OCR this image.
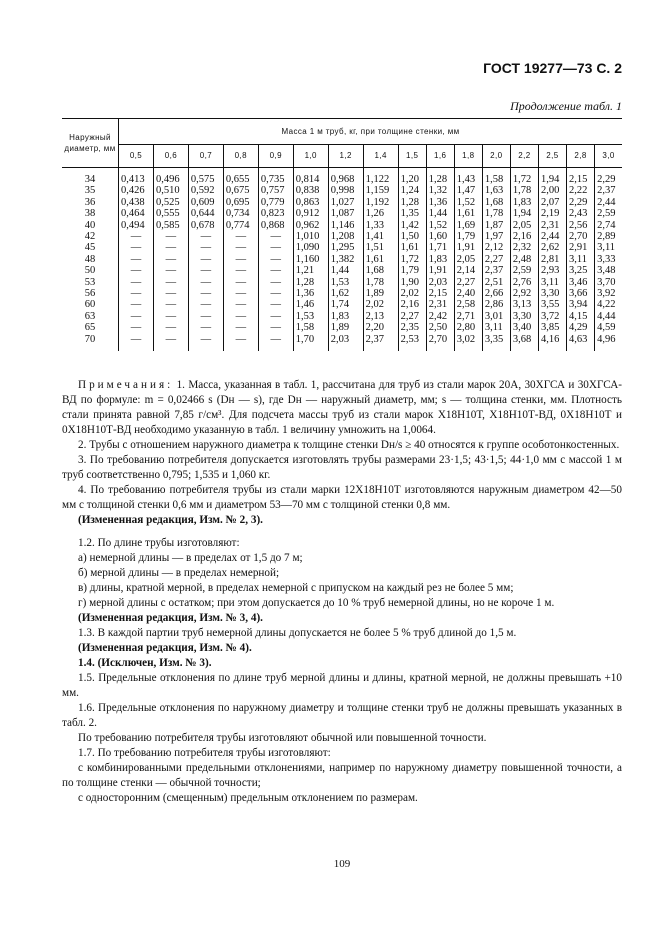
ГОСТ 19277—73 С. 2
Продолжение табл. 1
Наружный диаметр, мм	Масса 1 м труб, кг, при толщине стенки, мм															
	0,5	0,6	0,7	0,8	0,9	1,0	1,2	1,4	1,5	1,6	1,8	2,0	2,2	2,5	2,8	3,0
34	0,413	0,496	0,575	0,655	0,735	0,814	0,968	1,122	1,20	1,28	1,43	1,58	1,72	1,94	2,15	2,29
35	0,426	0,510	0,592	0,675	0,757	0,838	0,998	1,159	1,24	1,32	1,47	1,63	1,78	2,00	2,22	2,37
36	0,438	0,525	0,609	0,695	0,779	0,863	1,027	1,192	1,28	1,36	1,52	1,68	1,83	2,07	2,29	2,44
38	0,464	0,555	0,644	0,734	0,823	0,912	1,087	1,26	1,35	1,44	1,61	1,78	1,94	2,19	2,43	2,59
40	0,494	0,585	0,678	0,774	0,868	0,962	1,146	1,33	1,42	1,52	1,69	1,87	2,05	2,31	2,56	2,74
42	—	—	—	—	—	1,010	1,208	1,41	1,50	1,60	1,79	1,97	2,16	2,44	2,70	2,89
45	—	—	—	—	—	1,090	1,295	1,51	1,61	1,71	1,91	2,12	2,32	2,62	2,91	3,11
48	—	—	—	—	—	1,160	1,382	1,61	1,72	1,83	2,05	2,27	2,48	2,81	3,11	3,33
50	—	—	—	—	—	1,21	1,44	1,68	1,79	1,91	2,14	2,37	2,59	2,93	3,25	3,48
53	—	—	—	—	—	1,28	1,53	1,78	1,90	2,03	2,27	2,51	2,76	3,11	3,46	3,70
56	—	—	—	—	—	1,36	1,62	1,89	2,02	2,15	2,40	2,66	2,92	3,30	3,66	3,92
60	—	—	—	—	—	1,46	1,74	2,02	2,16	2,31	2,58	2,86	3,13	3,55	3,94	4,22
63	—	—	—	—	—	1,53	1,83	2,13	2,27	2,42	2,71	3,01	3,30	3,72	4,15	4,44
65	—	—	—	—	—	1,58	1,89	2,20	2,35	2,50	2,80	3,11	3,40	3,85	4,29	4,59
70	—	—	—	—	—	1,70	2,03	2,37	2,53	2,70	3,02	3,35	3,68	4,16	4,63	4,96

Примечания: 1. Масса, указанная в табл. 1, рассчитана для труб из стали марок 20А, 30ХГСА и 30ХГСА-ВД по формуле: m = 0,02466 s (Dн — s), где Dн — наружный диаметр, мм; s — толщина стенки, мм. Плотность стали принята равной 7,85 г/см³. Для подсчета массы труб из стали марок Х18Н10Т, Х18Н10Т-ВД, 0Х18Н10Т и 0Х18Н10Т-ВД необходимо указанную в табл. 1 величину умножить на 1,0064.

2. Трубы с отношением наружного диаметра к толщине стенки Dн/s ≥ 40 относятся к группе особотонкостенных.

3. По требованию потребителя допускается изготовлять трубы размерами 23·1,5; 43·1,5; 44·1,0 мм с массой 1 м труб соответственно 0,795; 1,535 и 1,060 кг.

4. По требованию потребителя трубы из стали марки 12Х18Н10Т изготовляются наружным диаметром 42—50 мм с толщиной стенки 0,6 мм и диаметром 53—70 мм с толщиной стенки 0,8 мм.

(Измененная редакция, Изм. № 2, 3).

1.2. По длине трубы изготовляют:

а) немерной длины — в пределах от 1,5 до 7 м;

б) мерной длины — в пределах немерной;

в) длины, кратной мерной, в пределах немерной с припуском на каждый рез не более 5 мм;

г) мерной длины с остатком; при этом допускается до 10 % труб немерной длины, но не короче 1 м.

(Измененная редакция, Изм. № 3, 4).

1.3. В каждой партии труб немерной длины допускается не более 5 % труб длиной до 1,5 м.

(Измененная редакция, Изм. № 4).

1.4. (Исключен, Изм. № 3).

1.5. Предельные отклонения по длине труб мерной длины и длины, кратной мерной, не должны превышать +10 мм.

1.6. Предельные отклонения по наружному диаметру и толщине стенки труб не должны превышать указанных в табл. 2.

По требованию потребителя трубы изготовляют обычной или повышенной точности.

1.7. По требованию потребителя трубы изготовляют:

с комбинированными предельными отклонениями, например по наружному диаметру повышенной точности, а по толщине стенки — обычной точности;

с односторонним (смещенным) предельным отклонением по размерам.

109
